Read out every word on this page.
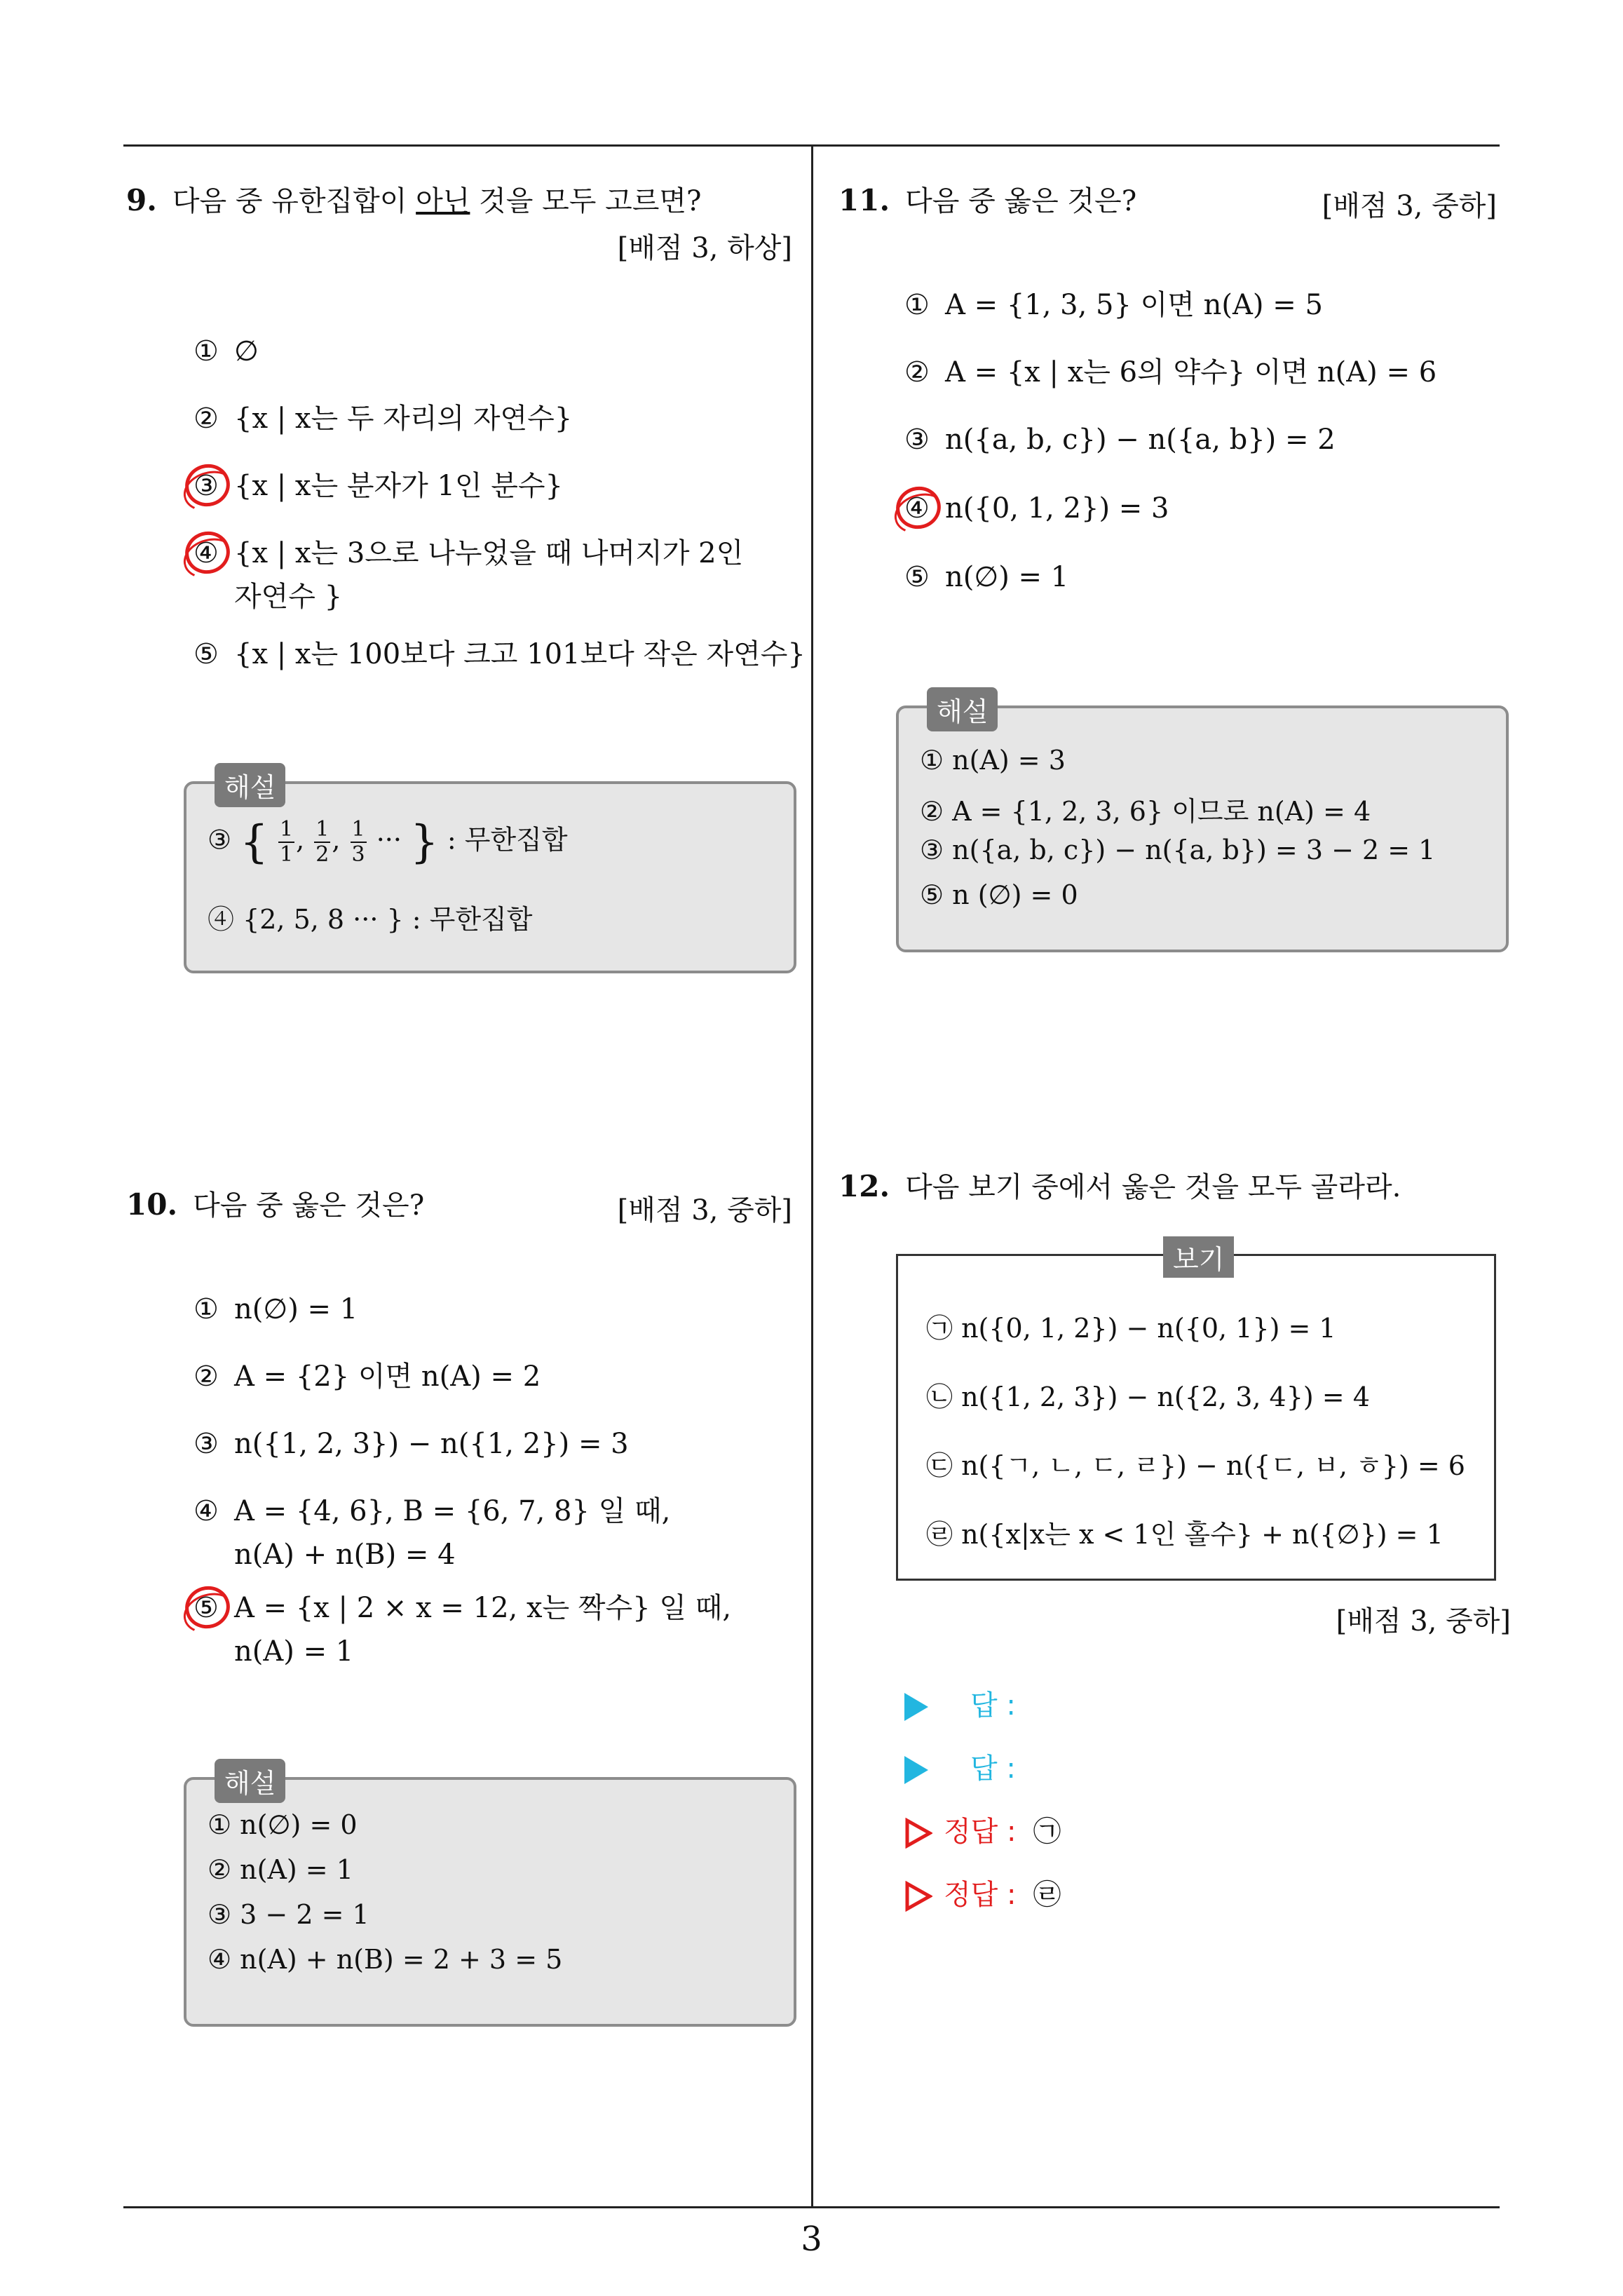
9. 다음 중 유한집합이 아닌 것을 모두 고르면?
[배점 3, 하상]
① ∅
② {x | x는 두 자리의 자연수}
③ {x | x는 분자가 1인 분수}
④ {x | x는 3으로 나누었을 때 나머지가 2인
자연수 }
⑤ {x | x는 100보다 크고 101보다 작은 자연수}
해설
③ { $\frac{1}{1}$ , $\frac{1}{2}$ , $\frac{1}{3}$ ··· } : 무한집합
④ {2, 5, 8 ··· } : 무한집합
10. 다음 중 옳은 것은?	[배점 3, 중하]
① n(∅) = 1
② A = {2} 이면 n(A) = 2
③ n({1, 2, 3}) − n({1, 2}) = 3
④ A = {4, 6}, B = {6, 7, 8} 일 때,
n(A) + n(B) = 4
⑤ A = {x | 2 × x = 12, x는 짝수} 일 때,
n(A) = 1
해설
① n(∅) = 0
② n(A) = 1
③ 3 − 2 = 1
④ n(A) + n(B) = 2 + 3 = 5
11. 다음 중 옳은 것은?	[배점 3, 중하]
① A = {1, 3, 5} 이면 n(A) = 5
② A = {x | x는 6의 약수} 이면 n(A) = 6
③ n({a, b, c}) − n({a, b}) = 2
④ n({0, 1, 2}) = 3
⑤ n(∅) = 1
해설
① n(A) = 3
② A = {1, 2, 3, 6} 이므로 n(A) = 4
③ n({a, b, c}) − n({a, b}) = 3 − 2 = 1
⑤ n (∅) = 0
12. 다음 보기 중에서 옳은 것을 모두 골라라.
보기
㉠ n({0, 1, 2}) − n({0, 1}) = 1
㉡ n({1, 2, 3}) − n({2, 3, 4}) = 4
㉢ n({ㄱ, ㄴ, ㄷ, ㄹ}) − n({ㄷ, ㅂ, ㅎ}) = 6
㉣ n({x|x는 x < 1인 홀수} + n({∅}) = 1
[배점 3, 중하]
답 :
답 :
정답 : ㉠
정답 : ㉣
3
